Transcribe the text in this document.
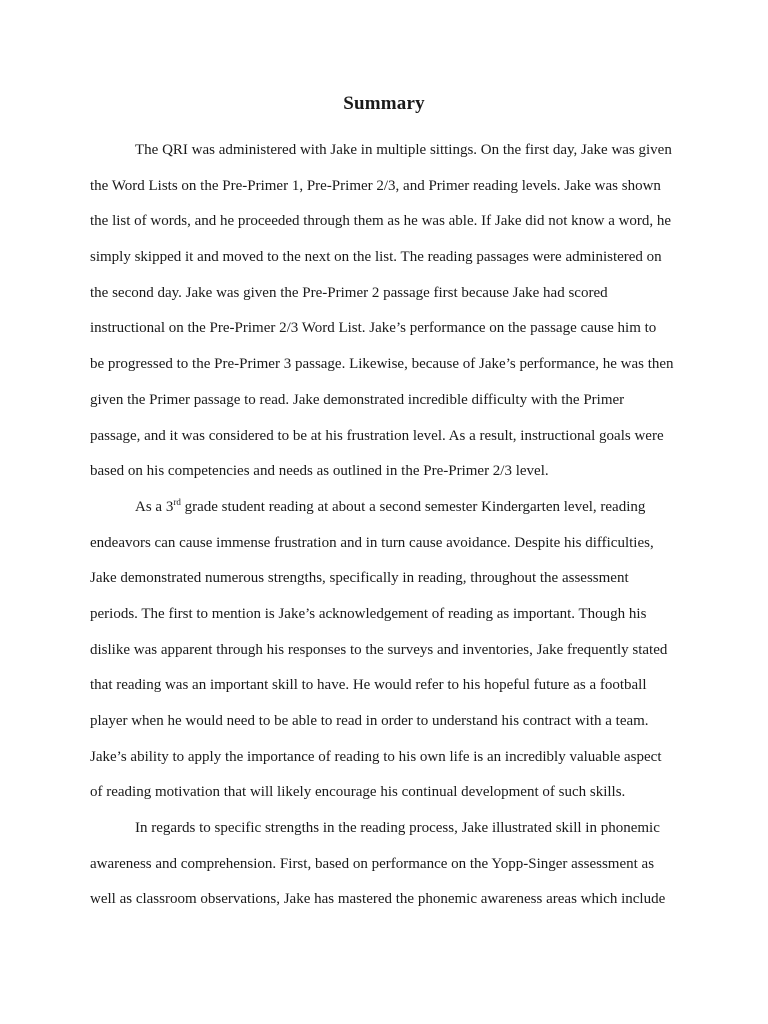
Summary
The QRI was administered with Jake in multiple sittings. On the first day, Jake was given
the Word Lists on the Pre-Primer 1, Pre-Primer 2/3, and Primer reading levels. Jake was shown
the list of words, and he proceeded through them as he was able. If Jake did not know a word, he
simply skipped it and moved to the next on the list. The reading passages were administered on
the second day. Jake was given the Pre-Primer 2 passage first because Jake had scored
instructional on the Pre-Primer 2/3 Word List. Jake’s performance on the passage cause him to
be progressed to the Pre-Primer 3 passage. Likewise, because of Jake’s performance, he was then
given the Primer passage to read. Jake demonstrated incredible difficulty with the Primer
passage, and it was considered to be at his frustration level. As a result, instructional goals were
based on his competencies and needs as outlined in the Pre-Primer 2/3 level.
As a 3rd grade student reading at about a second semester Kindergarten level, reading
endeavors can cause immense frustration and in turn cause avoidance. Despite his difficulties,
Jake demonstrated numerous strengths, specifically in reading, throughout the assessment
periods. The first to mention is Jake’s acknowledgement of reading as important. Though his
dislike was apparent through his responses to the surveys and inventories, Jake frequently stated
that reading was an important skill to have. He would refer to his hopeful future as a football
player when he would need to be able to read in order to understand his contract with a team.
Jake’s ability to apply the importance of reading to his own life is an incredibly valuable aspect
of reading motivation that will likely encourage his continual development of such skills.
In regards to specific strengths in the reading process, Jake illustrated skill in phonemic
awareness and comprehension. First, based on performance on the Yopp-Singer assessment as
well as classroom observations, Jake has mastered the phonemic awareness areas which include
